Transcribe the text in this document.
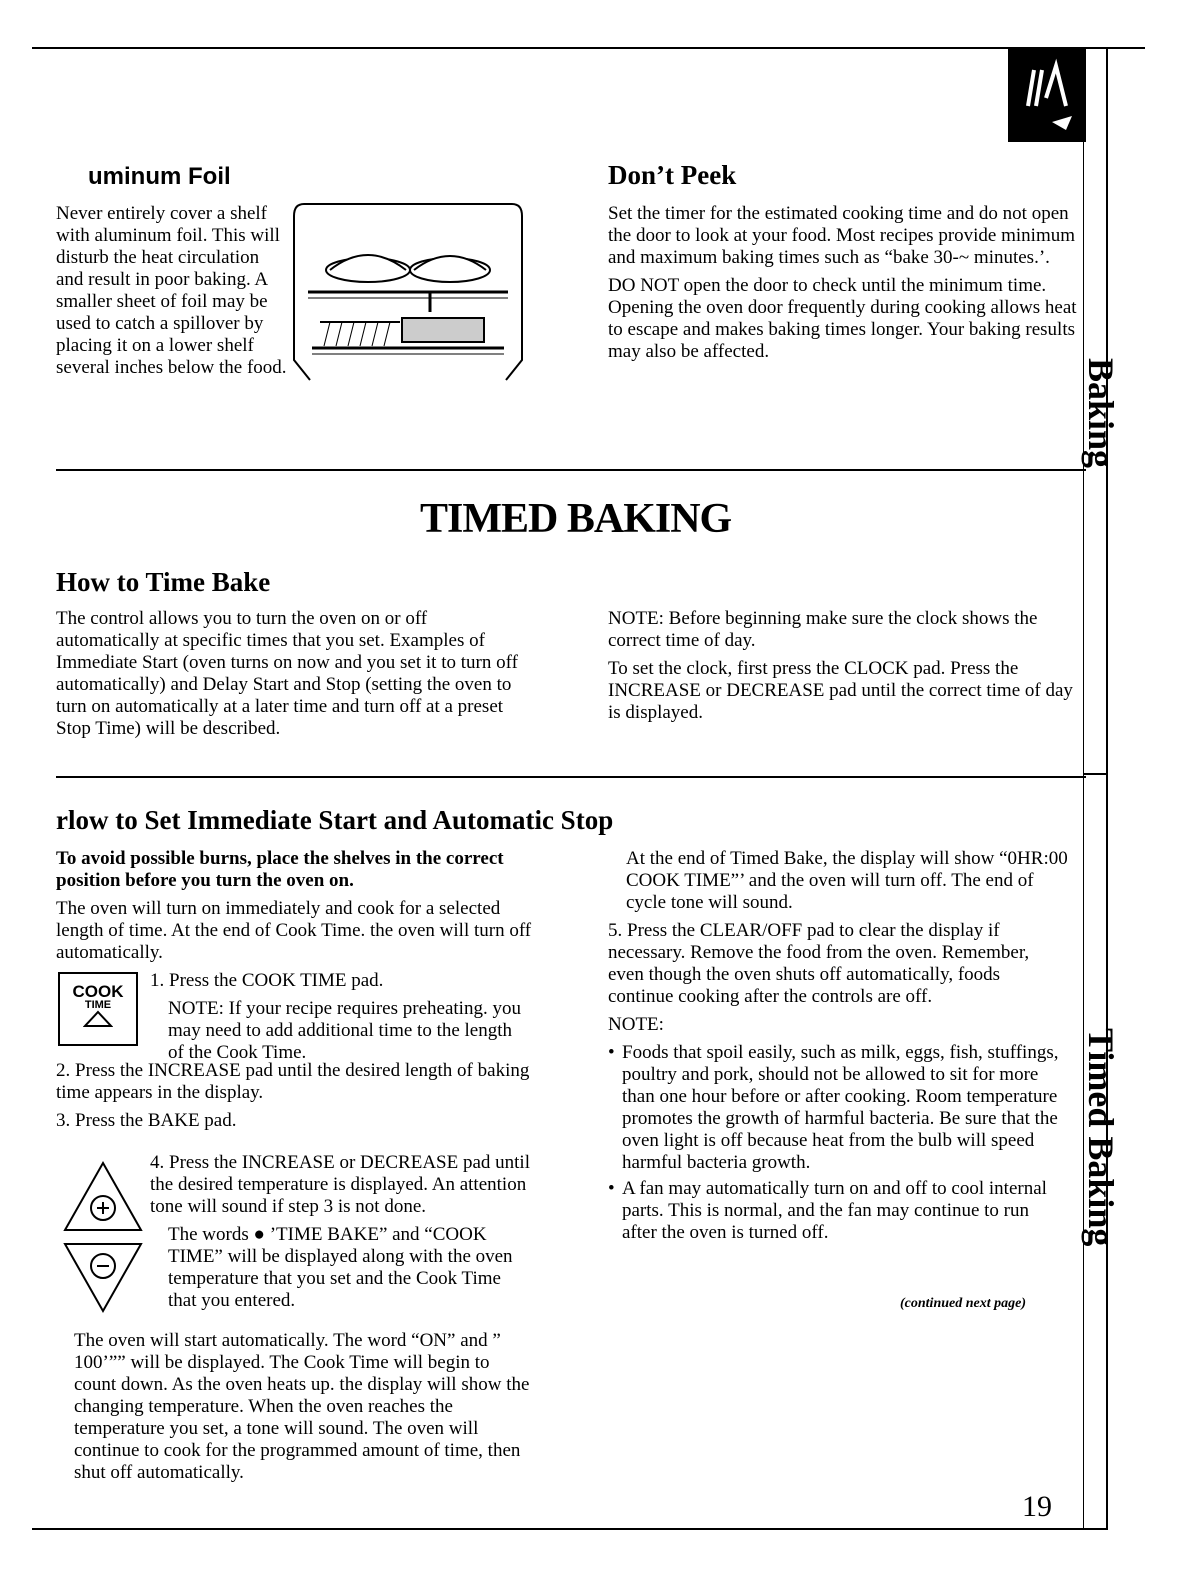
Baking
Timed Baking
uminum Foil
Never entirely cover a shelf with aluminum foil. This will disturb the heat circulation and result in poor baking. A smaller sheet of foil may be used to catch a spillover by placing it on a lower shelf several inches below the food.
Don’t Peek

Set the timer for the estimated cooking time and do not open the door to look at your food. Most recipes provide minimum and maximum baking times such as “bake 30-~ minutes.’.

DO NOT open the door to check until the minimum time. Opening the oven door frequently during cooking allows heat to escape and makes baking times longer. Your baking results may also be affected.

TIMED BAKING
How to Time Bake
The control allows you to turn the oven on or off automatically at specific times that you set. Examples of Immediate Start (oven turns on now and you set it to turn off automatically) and Delay Start and Stop (setting the oven to turn on automatically at a later time and turn off at a preset Stop Time) will be described.

NOTE: Before beginning make sure the clock shows the correct time of day.

To set the clock, first press the CLOCK pad. Press the INCREASE or DECREASE pad until the correct time of day is displayed.

rlow to Set Immediate Start and Automatic Stop

To avoid possible burns, place the shelves in the correct position before you turn the oven on.

The oven will turn on immediately and cook for a selected length of time. At the end of Cook Time. the oven will turn off automatically.

COOK
TIME

1. Press the COOK TIME pad.

NOTE: If your recipe requires preheating. you may need to add additional time to the length of the Cook Time.

2. Press the INCREASE pad until the desired length of baking time appears in the display.

3. Press the BAKE pad.

4. Press the INCREASE or DECREASE pad until the desired temperature is displayed. An attention tone will sound if step 3 is not done.

The words ● ’TIME BAKE” and “COOK TIME” will be displayed along with the oven temperature that you set and the Cook Time that you entered.

The oven will start automatically. The word “ON” and ” 100’”” will be displayed. The Cook Time will begin to count down. As the oven heats up. the display will show the changing temperature. When the oven reaches the temperature you set, a tone will sound. The oven will continue to cook for the programmed amount of time, then shut off automatically.

At the end of Timed Bake, the display will show “0HR:00 COOK TIME”’ and the oven will turn off. The end of cycle tone will sound.

5. Press the CLEAR/OFF pad to clear the display if necessary. Remove the food from the oven. Remember, even though the oven shuts off automatically, foods continue cooking after the controls are off.

NOTE:

• Foods that spoil easily, such as milk, eggs, fish, stuffings, poultry and pork, should not be allowed to sit for more than one hour before or after cooking. Room temperature promotes the growth of harmful bacteria. Be sure that the oven light is off because heat from the bulb will speed harmful bacteria growth.
• A fan may automatically turn on and off to cool internal parts. This is normal, and the fan may continue to run after the oven is turned off.
(continued next page)
19
